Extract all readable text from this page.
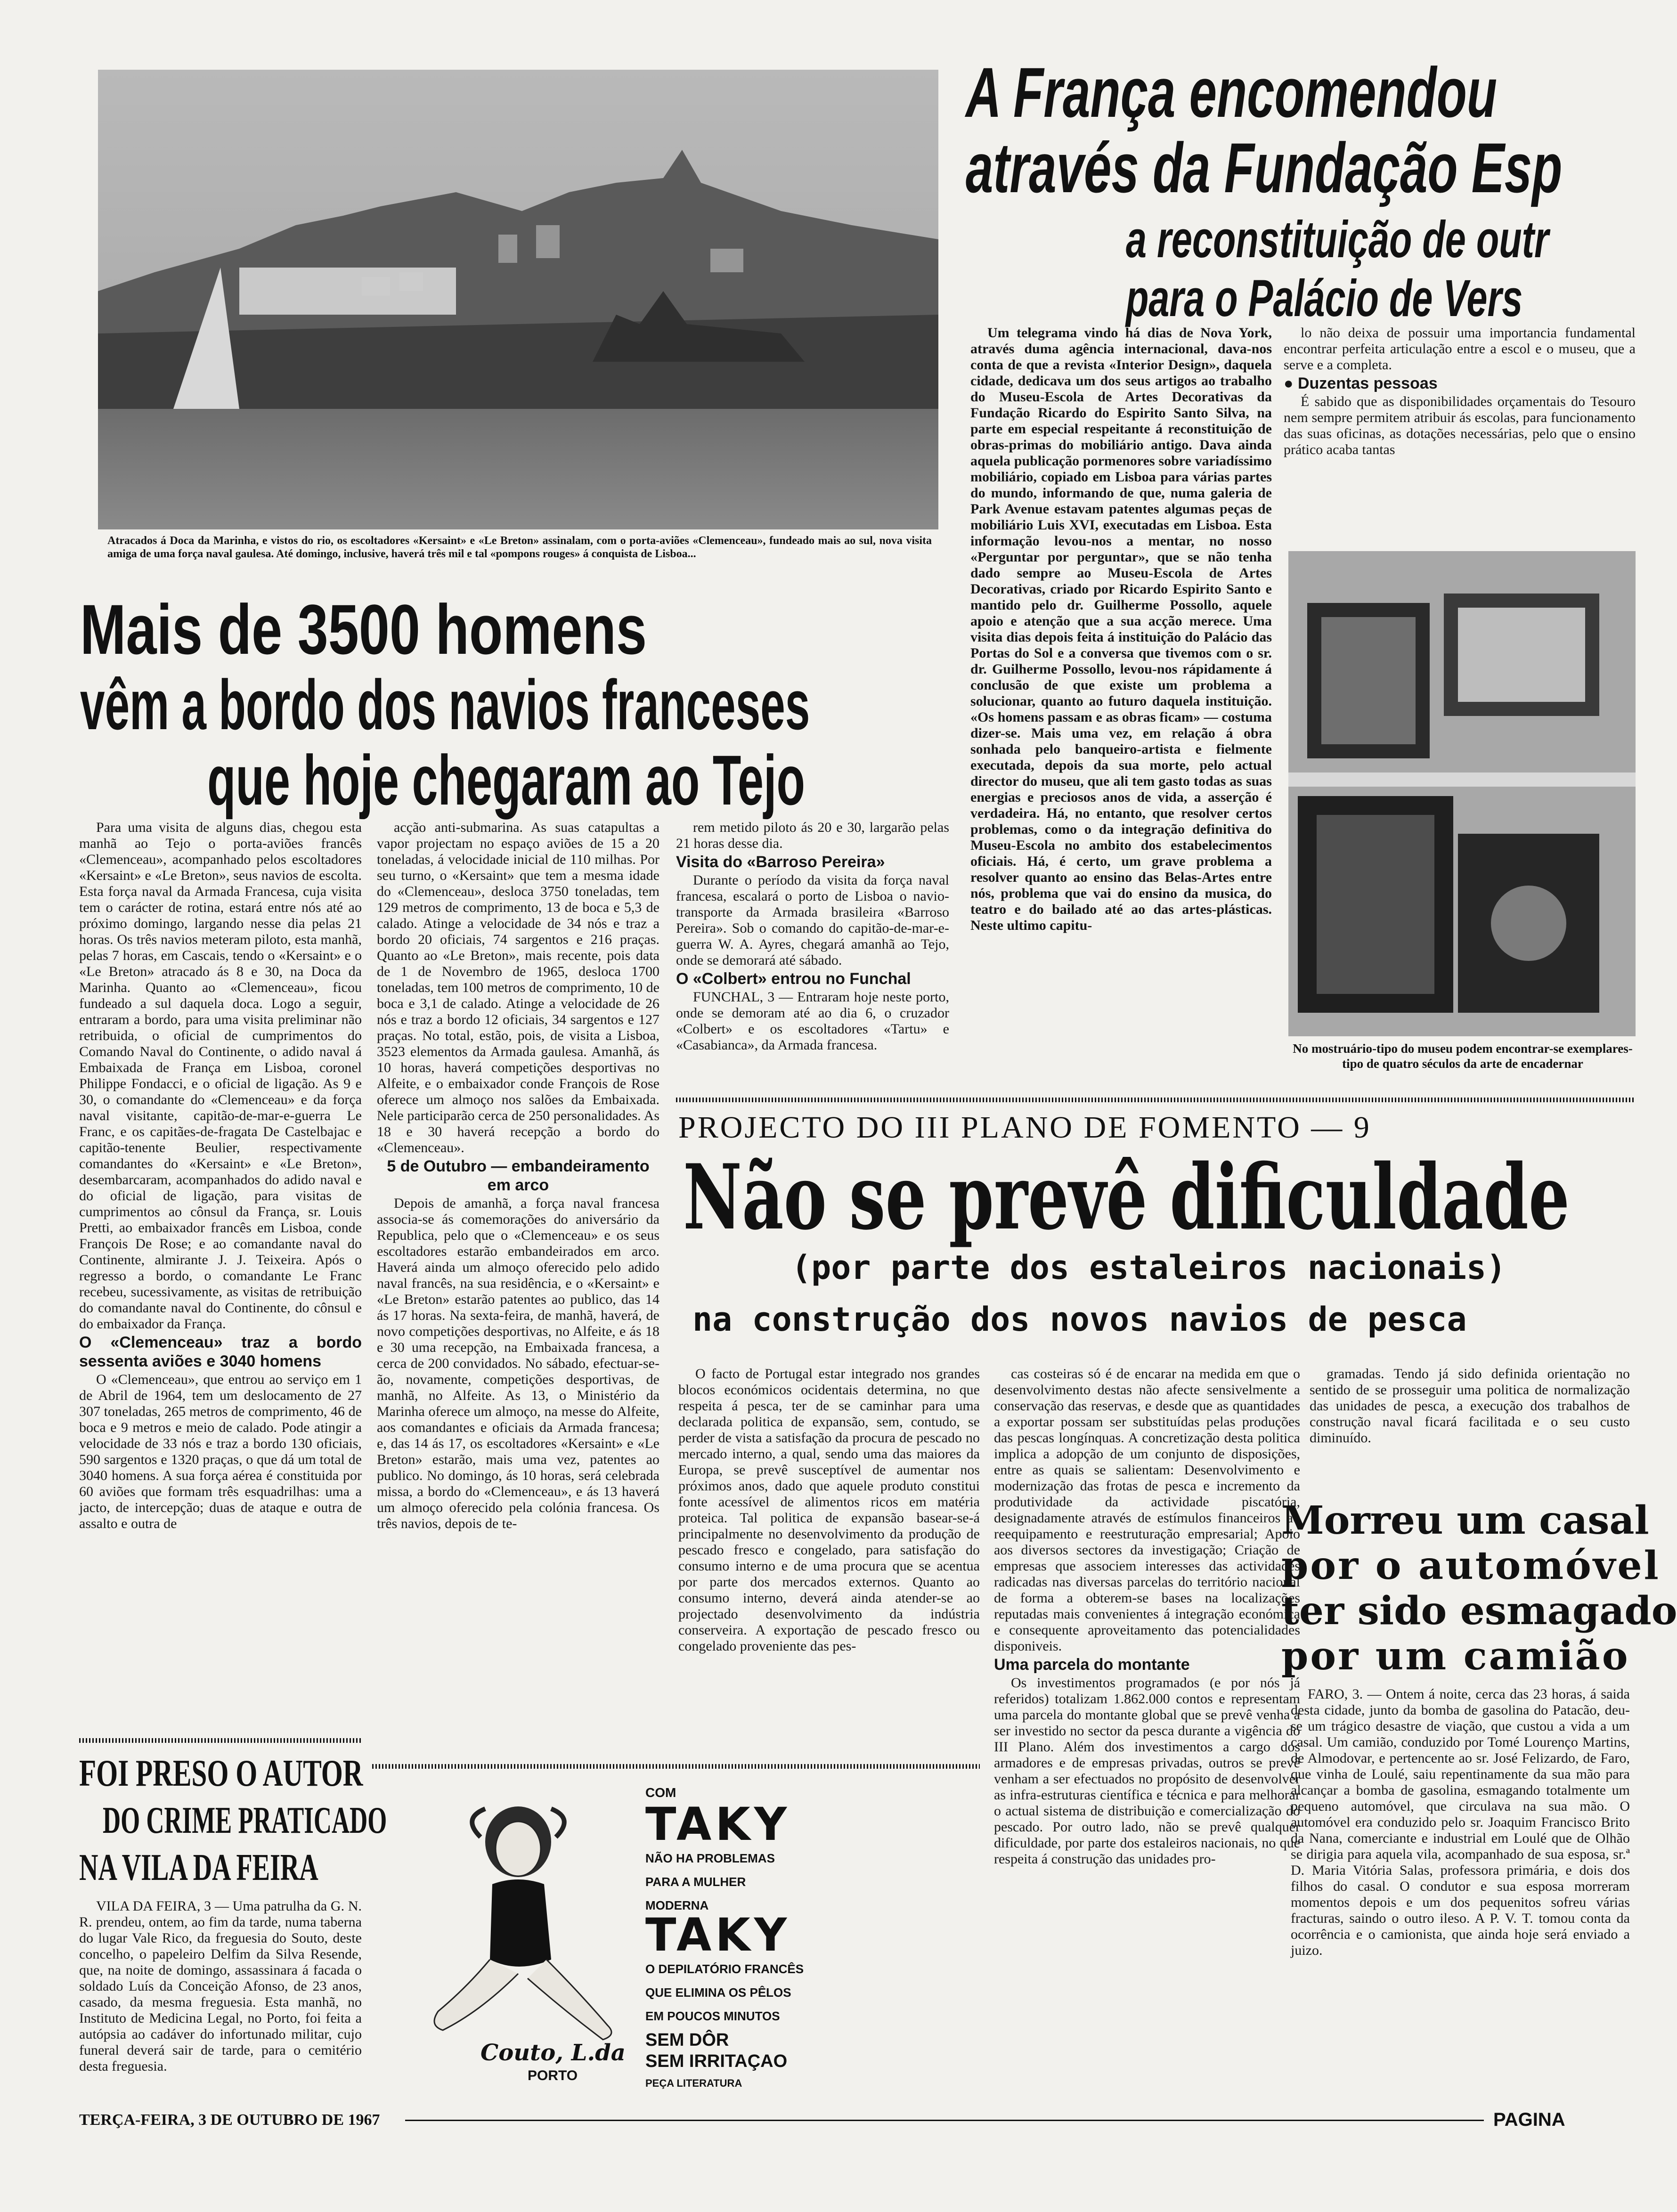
Atracados á Doca da Marinha, e vistos do rio, os escoltadores «Kersaint» e «Le Breton» assinalam, com o porta-aviões «Clemenceau», fundeado mais ao sul, nova visita amiga de uma força naval gaulesa. Até domingo, inclusive, haverá três mil e tal «pompons rouges» á conquista de Lisboa...
Mais de 3500 homens
vêm a bordo dos navios franceses
que hoje chegaram ao Tejo

Para uma visita de alguns dias, chegou esta manhã ao Tejo o porta-aviões francês «Clemenceau», acompanhado pelos escoltadores «Kersaint» e «Le Breton», seus navios de escolta. Esta força naval da Armada Francesa, cuja visita tem o carácter de rotina, estará entre nós até ao próximo domingo, largando nesse dia pelas 21 horas. Os três navios meteram piloto, esta manhã, pelas 7 horas, em Cascais, tendo o «Kersaint» e o «Le Breton» atracado ás 8 e 30, na Doca da Marinha. Quanto ao «Clemenceau», ficou fundeado a sul daquela doca. Logo a seguir, entraram a bordo, para uma visita preliminar não retribuida, o oficial de cumprimentos do Comando Naval do Continente, o adido naval á Embaixada de França em Lisboa, coronel Philippe Fondacci, e o oficial de ligação. As 9 e 30, o comandante do «Clemenceau» e da força naval visitante, capitão-de-mar-e-guerra Le Franc, e os capitães-de-fragata De Castelbajac e capitão-tenente Beulier, respectivamente comandantes do «Kersaint» e «Le Breton», desembarcaram, acompanhados do adido naval e do oficial de ligação, para visitas de cumprimentos ao cônsul da França, sr. Louis Pretti, ao embaixador francês em Lisboa, conde François De Rose; e ao comandante naval do Continente, almirante J. J. Teixeira. Após o regresso a bordo, o comandante Le Franc recebeu, sucessivamente, as visitas de retribuição do comandante naval do Continente, do cônsul e do embaixador da França.

O «Clemenceau» traz a bordo sessenta aviões e 3040 homens

O «Clemenceau», que entrou ao serviço em 1 de Abril de 1964, tem um deslocamento de 27 307 toneladas, 265 metros de comprimento, 46 de boca e 9 metros e meio de calado. Pode atingir a velocidade de 33 nós e traz a bordo 130 oficiais, 590 sargentos e 1320 praças, o que dá um total de 3040 homens. A sua força aérea é constituida por 60 aviões que formam três esquadrilhas: uma a jacto, de intercepção; duas de ataque e outra de assalto e outra de

acção anti-submarina. As suas catapultas a vapor projectam no espaço aviões de 15 a 20 toneladas, á velocidade inicial de 110 milhas. Por seu turno, o «Kersaint» que tem a mesma idade do «Clemenceau», desloca 3750 toneladas, tem 129 metros de comprimento, 13 de boca e 5,3 de calado. Atinge a velocidade de 34 nós e traz a bordo 20 oficiais, 74 sargentos e 216 praças. Quanto ao «Le Breton», mais recente, pois data de 1 de Novembro de 1965, desloca 1700 toneladas, tem 100 metros de comprimento, 10 de boca e 3,1 de calado. Atinge a velocidade de 26 nós e traz a bordo 12 oficiais, 34 sargentos e 127 praças. No total, estão, pois, de visita a Lisboa, 3523 elementos da Armada gaulesa. Amanhã, ás 10 horas, haverá competições desportivas no Alfeite, e o embaixador conde François de Rose oferece um almoço nos salões da Embaixada. Nele participarão cerca de 250 personalidades. As 18 e 30 haverá recepção a bordo do «Clemenceau».

5 de Outubro — embandeiramento em arco

Depois de amanhã, a força naval francesa associa-se ás comemorações do aniversário da Republica, pelo que o «Clemenceau» e os seus escoltadores estarão embandeirados em arco. Haverá ainda um almoço oferecido pelo adido naval francês, na sua residência, e o «Kersaint» e «Le Breton» estarão patentes ao publico, das 14 ás 17 horas. Na sexta-feira, de manhã, haverá, de novo competições desportivas, no Alfeite, e ás 18 e 30 uma recepção, na Embaixada francesa, a cerca de 200 convidados. No sábado, efectuar-se-ão, novamente, competições desportivas, de manhã, no Alfeite. As 13, o Ministério da Marinha oferece um almoço, na messe do Alfeite, aos comandantes e oficiais da Armada francesa; e, das 14 ás 17, os escoltadores «Kersaint» e «Le Breton» estarão, mais uma vez, patentes ao publico. No domingo, ás 10 horas, será celebrada missa, a bordo do «Clemenceau», e ás 13 haverá um almoço oferecido pela colónia francesa. Os três navios, depois de te-

rem metido piloto ás 20 e 30, largarão pelas 21 horas desse dia.

Visita do «Barroso Pereira»

Durante o período da visita da força naval francesa, escalará o porto de Lisboa o navio-transporte da Armada brasileira «Barroso Pereira». Sob o comando do capitão-de-mar-e-guerra W. A. Ayres, chegará amanhã ao Tejo, onde se demorará até sábado.

O «Colbert» entrou no Funchal

FUNCHAL, 3 — Entraram hoje neste porto, onde se demoram até ao dia 6, o cruzador «Colbert» e os escoltadores «Tartu» e «Casabianca», da Armada francesa.

FOI PRESO O AUTOR
DO CRIME PRATICADO
NA VILA DA FEIRA

VILA DA FEIRA, 3 — Uma patrulha da G. N. R. prendeu, ontem, ao fim da tarde, numa taberna do lugar Vale Rico, da freguesia do Souto, deste concelho, o papeleiro Delfim da Silva Resende, que, na noite de domingo, assassinara á facada o soldado Luís da Conceição Afonso, de 23 anos, casado, da mesma freguesia. Esta manhã, no Instituto de Medicina Legal, no Porto, foi feita a autópsia ao cadáver do infortunado militar, cujo funeral deverá sair de tarde, para o cemitério desta freguesia.

A França encomendou
através da Fundação Esp
a reconstituição de outr
para o Palácio de Vers

Um telegrama vindo há dias de Nova York, através duma agência internacional, dava-nos conta de que a revista «Interior Design», daquela cidade, dedicava um dos seus artigos ao trabalho do Museu-Escola de Artes Decorativas da Fundação Ricardo do Espirito Santo Silva, na parte em especial respeitante á reconstituição de obras-primas do mobiliário antigo. Dava ainda aquela publicação pormenores sobre variadíssimo mobiliário, copiado em Lisboa para várias partes do mundo, informando de que, numa galeria de Park Avenue estavam patentes algumas peças de mobiliário Luis XVI, executadas em Lisboa. Esta informação levou-nos a mentar, no nosso «Perguntar por perguntar», que se não tenha dado sempre ao Museu-Escola de Artes Decorativas, criado por Ricardo Espirito Santo e mantido pelo dr. Guilherme Possollo, aquele apoio e atenção que a sua acção merece. Uma visita dias depois feita á instituição do Palácio das Portas do Sol e a conversa que tivemos com o sr. dr. Guilherme Possollo, levou-nos rápidamente á conclusão de que existe um problema a solucionar, quanto ao futuro daquela instituição. «Os homens passam e as obras ficam» — costuma dizer-se. Mais uma vez, em relação á obra sonhada pelo banqueiro-artista e fielmente executada, depois da sua morte, pelo actual director do museu, que ali tem gasto todas as suas energias e preciosos anos de vida, a asserção é verdadeira. Há, no entanto, que resolver certos problemas, como o da integração definitiva do Museu-Escola no ambito dos estabelecimentos oficiais. Há, é certo, um grave problema a resolver quanto ao ensino das Belas-Artes entre nós, problema que vai do ensino da musica, do teatro e do bailado até ao das artes-plásticas. Neste ultimo capitu-

lo não deixa de possuir uma importancia fundamental encontrar perfeita articulação entre a escol e o museu, que a serve e a completa.

● Duzentas pessoas

É sabido que as disponibilidades orçamentais do Tesouro nem sempre permitem atribuir ás escolas, para funcionamento das suas oficinas, as dotações necessárias, pelo que o ensino prático acaba tantas

No mostruário-tipo do museu podem encontrar-se exemplares-tipo de quatro séculos da arte de encadernar
PROJECTO DO III PLANO DE FOMENTO — 9
Não se prevê dificuldade
(por parte dos estaleiros nacionais)
na construção dos novos navios de pesca

O facto de Portugal estar integrado nos grandes blocos económicos ocidentais determina, no que respeita á pesca, ter de se caminhar para uma declarada politica de expansão, sem, contudo, se perder de vista a satisfação da procura de pescado no mercado interno, a qual, sendo uma das maiores da Europa, se prevê susceptível de aumentar nos próximos anos, dado que aquele produto constitui fonte acessível de alimentos ricos em matéria proteica. Tal politica de expansão basear-se-á principalmente no desenvolvimento da produção de pescado fresco e congelado, para satisfação do consumo interno e de uma procura que se acentua por parte dos mercados externos. Quanto ao consumo interno, deverá ainda atender-se ao projectado desenvolvimento da indústria conserveira. A exportação de pescado fresco ou congelado proveniente das pes-

cas costeiras só é de encarar na medida em que o desenvolvimento destas não afecte sensivelmente a conservação das reservas, e desde que as quantidades a exportar possam ser substituídas pelas produções das pescas longínquas. A concretização desta politica implica a adopção de um conjunto de disposições, entre as quais se salientam: Desenvolvimento e modernização das frotas de pesca e incremento da produtividade da actividade piscatória, designadamente através de estímulos financeiros ao reequipamento e reestruturação empresarial; Apoio aos diversos sectores da investigação; Criação de empresas que associem interesses das actividades radicadas nas diversas parcelas do território nacional de forma a obterem-se bases na localizações reputadas mais convenientes á integração económica e consequente aproveitamento das potencialidades disponiveis.

Uma parcela do montante

Os investimentos programados (e por nós já referidos) totalizam 1.862.000 contos e representam uma parcela do montante global que se prevê venha a ser investido no sector da pesca durante a vigência do III Plano. Além dos investimentos a cargo dos armadores e de empresas privadas, outros se prevê venham a ser efectuados no propósito de desenvolver as infra-estruturas científica e técnica e para melhorar o actual sistema de distribuição e comercialização do pescado. Por outro lado, não se prevê qualquer dificuldade, por parte dos estaleiros nacionais, no que respeita á construção das unidades pro-

gramadas. Tendo já sido definida orientação no sentido de se prosseguir uma politica de normalização das unidades de pesca, a execução dos trabalhos de construção naval ficará facilitada e o seu custo diminuído.

Morreu um casal
por o automóvel
ter sido esmagado
por um camião

FARO, 3. — Ontem á noite, cerca das 23 horas, á saida desta cidade, junto da bomba de gasolina do Patacão, deu-se um trágico desastre de viação, que custou a vida a um casal. Um camião, conduzido por Tomé Lourenço Martins, de Almodovar, e pertencente ao sr. José Felizardo, de Faro, que vinha de Loulé, saiu repentinamente da sua mão para alcançar a bomba de gasolina, esmagando totalmente um pequeno automóvel, que circulava na sua mão. O automóvel era conduzido pelo sr. Joaquim Francisco Brito da Nana, comerciante e industrial em Loulé que de Olhão se dirigia para aquela vila, acompanhado de sua esposa, sr.ª D. Maria Vitória Salas, professora primária, e dois dos filhos do casal. O condutor e sua esposa morreram momentos depois e um dos pequenitos sofreu várias fracturas, saindo o outro ileso. A P. V. T. tomou conta da ocorrência e o camionista, que ainda hoje será enviado a juizo.

Couto, L.da
PORTO
COM
TAKY
NÃO HA PROBLEMAS
PARA A MULHER
MODERNA
TAKY
O DEPILATÓRIO FRANCÊS
QUE ELIMINA OS PÊLOS
EM POUCOS MINUTOS
SEM DÔR
SEM IRRITAÇAO
PEÇA LITERATURA
TERÇA-FEIRA, 3 DE OUTUBRO DE 1967	PAGINA
